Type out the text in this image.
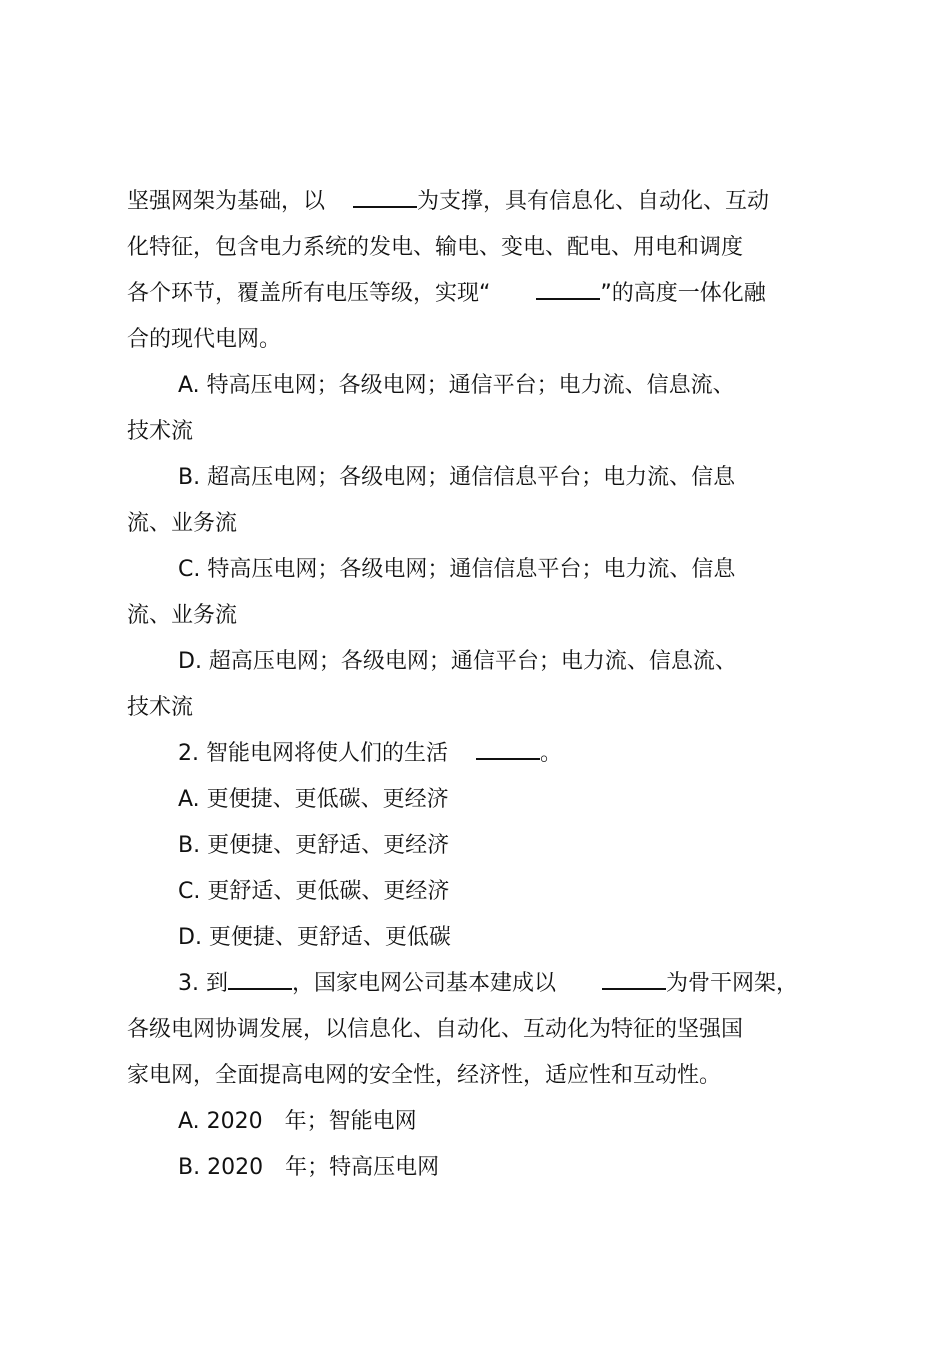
坚强网架为基础，以	为支撑，具有信息化、自动化、互动
化特征，包含电力系统的发电、输电、变电、配电、用电和调度
各个环节，覆盖所有电压等级，实现“	”的高度一体化融
合的现代电网。
A. 特高压电网；各级电网；通信平台；电力流、信息流、
技术流
B. 超高压电网；各级电网；通信信息平台；电力流、信息
流、业务流
C. 特高压电网；各级电网；通信信息平台；电力流、信息
流、业务流
D. 超高压电网；各级电网；通信平台；电力流、信息流、
技术流
2. 智能电网将使人们的生活	。
A. 更便捷、更低碳、更经济
B. 更便捷、更舒适、更经济
C. 更舒适、更低碳、更经济
D. 更便捷、更舒适、更低碳
3. 到	，国家电网公司基本建成以	为骨干网架，
各级电网协调发展，以信息化、自动化、互动化为特征的坚强国
家电网，全面提高电网的安全性，经济性，适应性和互动性。
A. 2020　年；智能电网
B. 2020　年；特高压电网
